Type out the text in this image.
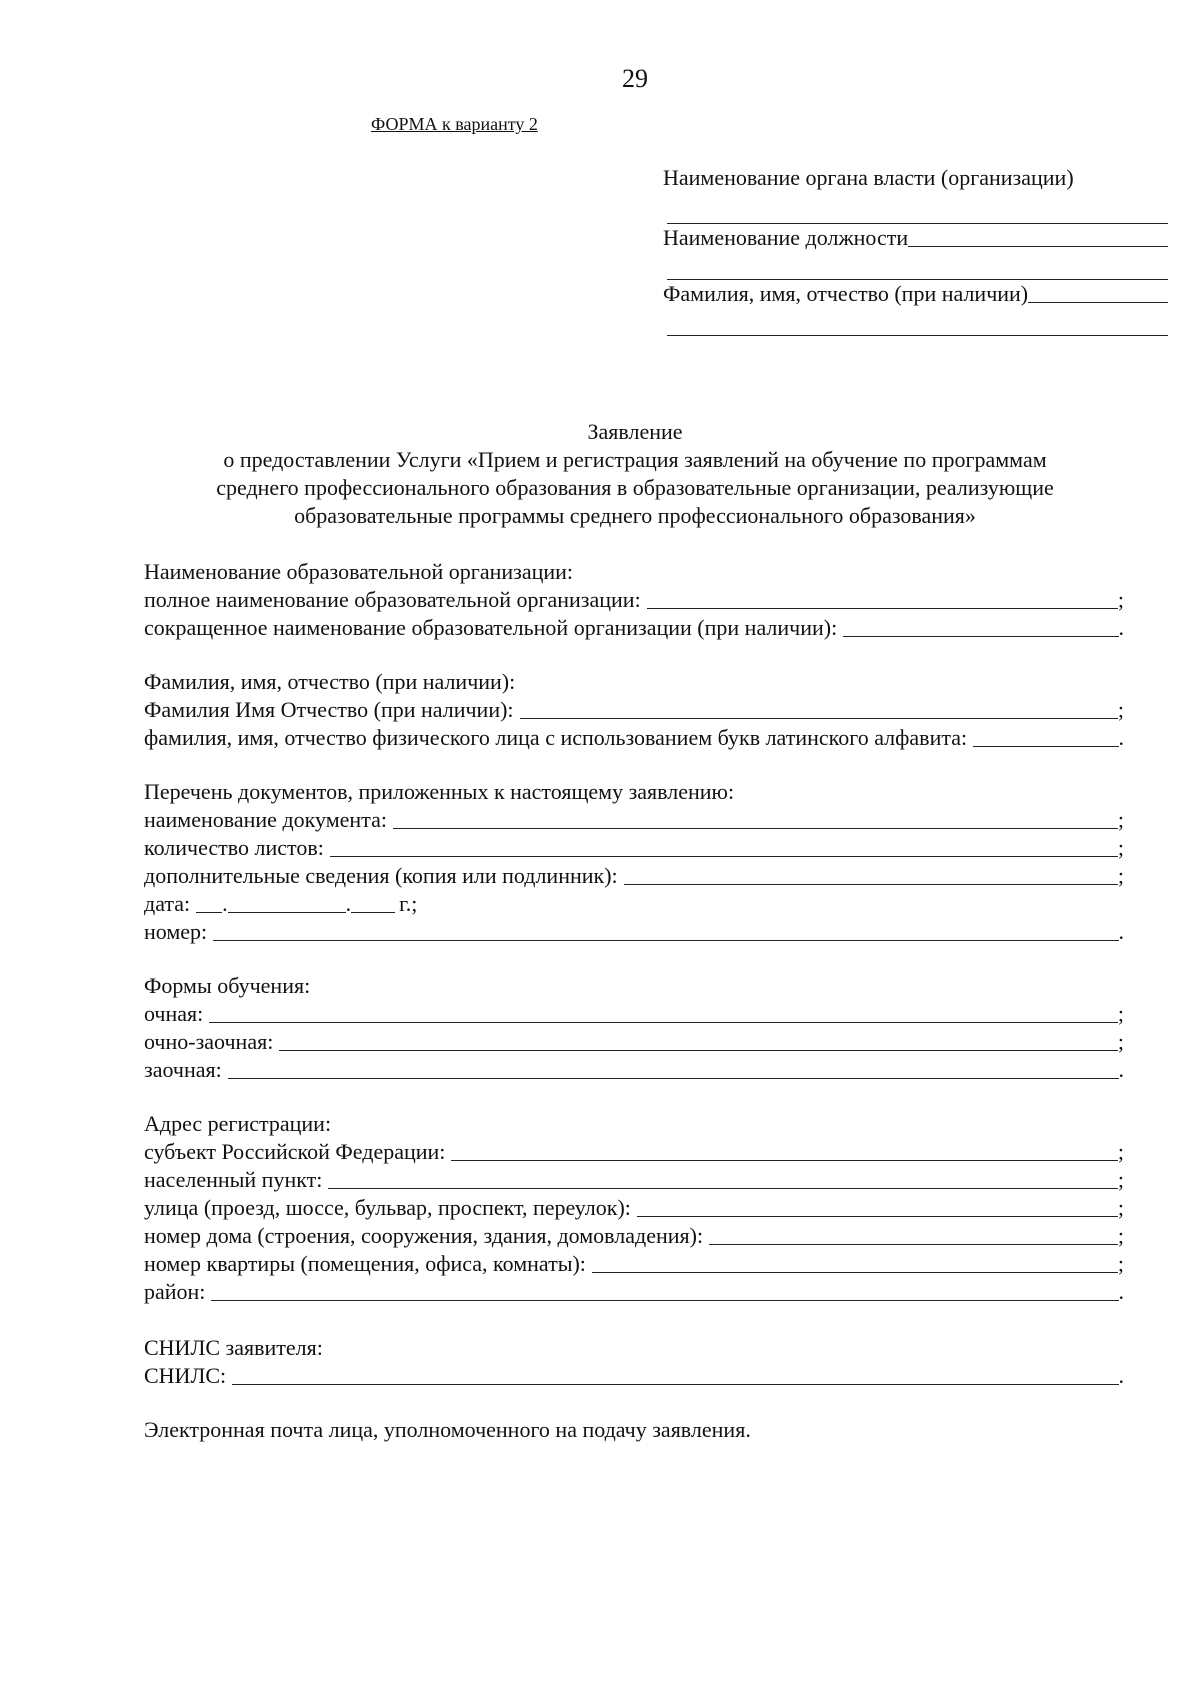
29
ФОРМА к варианту 2
Наименование органа власти (организации)
Наименование должности
Фамилия, имя, отчество (при наличии)
Заявление
о предоставлении Услуги «Прием и регистрация заявлений на обучение по программам
среднего профессионального образования в образовательные организации, реализующие
образовательные программы среднего профессионального образования»
Наименование образовательной организации:
полное наименование образовательной организации:	;
сокращенное наименование образовательной организации (при наличии):	.
Фамилия, имя, отчество (при наличии):
Фамилия Имя Отчество (при наличии):	;
фамилия, имя, отчество физического лица с использованием букв латинского алфавита:	.
Перечень документов, приложенных к настоящему заявлению:
наименование документа:	;
количество листов:	;
дополнительные сведения (копия или подлинник):	;
дата: .	. г.;
номер:	.
Формы обучения:
очная:	;
очно-заочная:	;
заочная:	.
Адрес регистрации:
субъект Российской Федерации:	;
населенный пункт:	;
улица (проезд, шоссе, бульвар, проспект, переулок):	;
номер дома (строения, сооружения, здания, домовладения):	;
номер квартиры (помещения, офиса, комнаты):	;
район:	.
СНИЛС заявителя:
СНИЛС:	.
Электронная почта лица, уполномоченного на подачу заявления.
